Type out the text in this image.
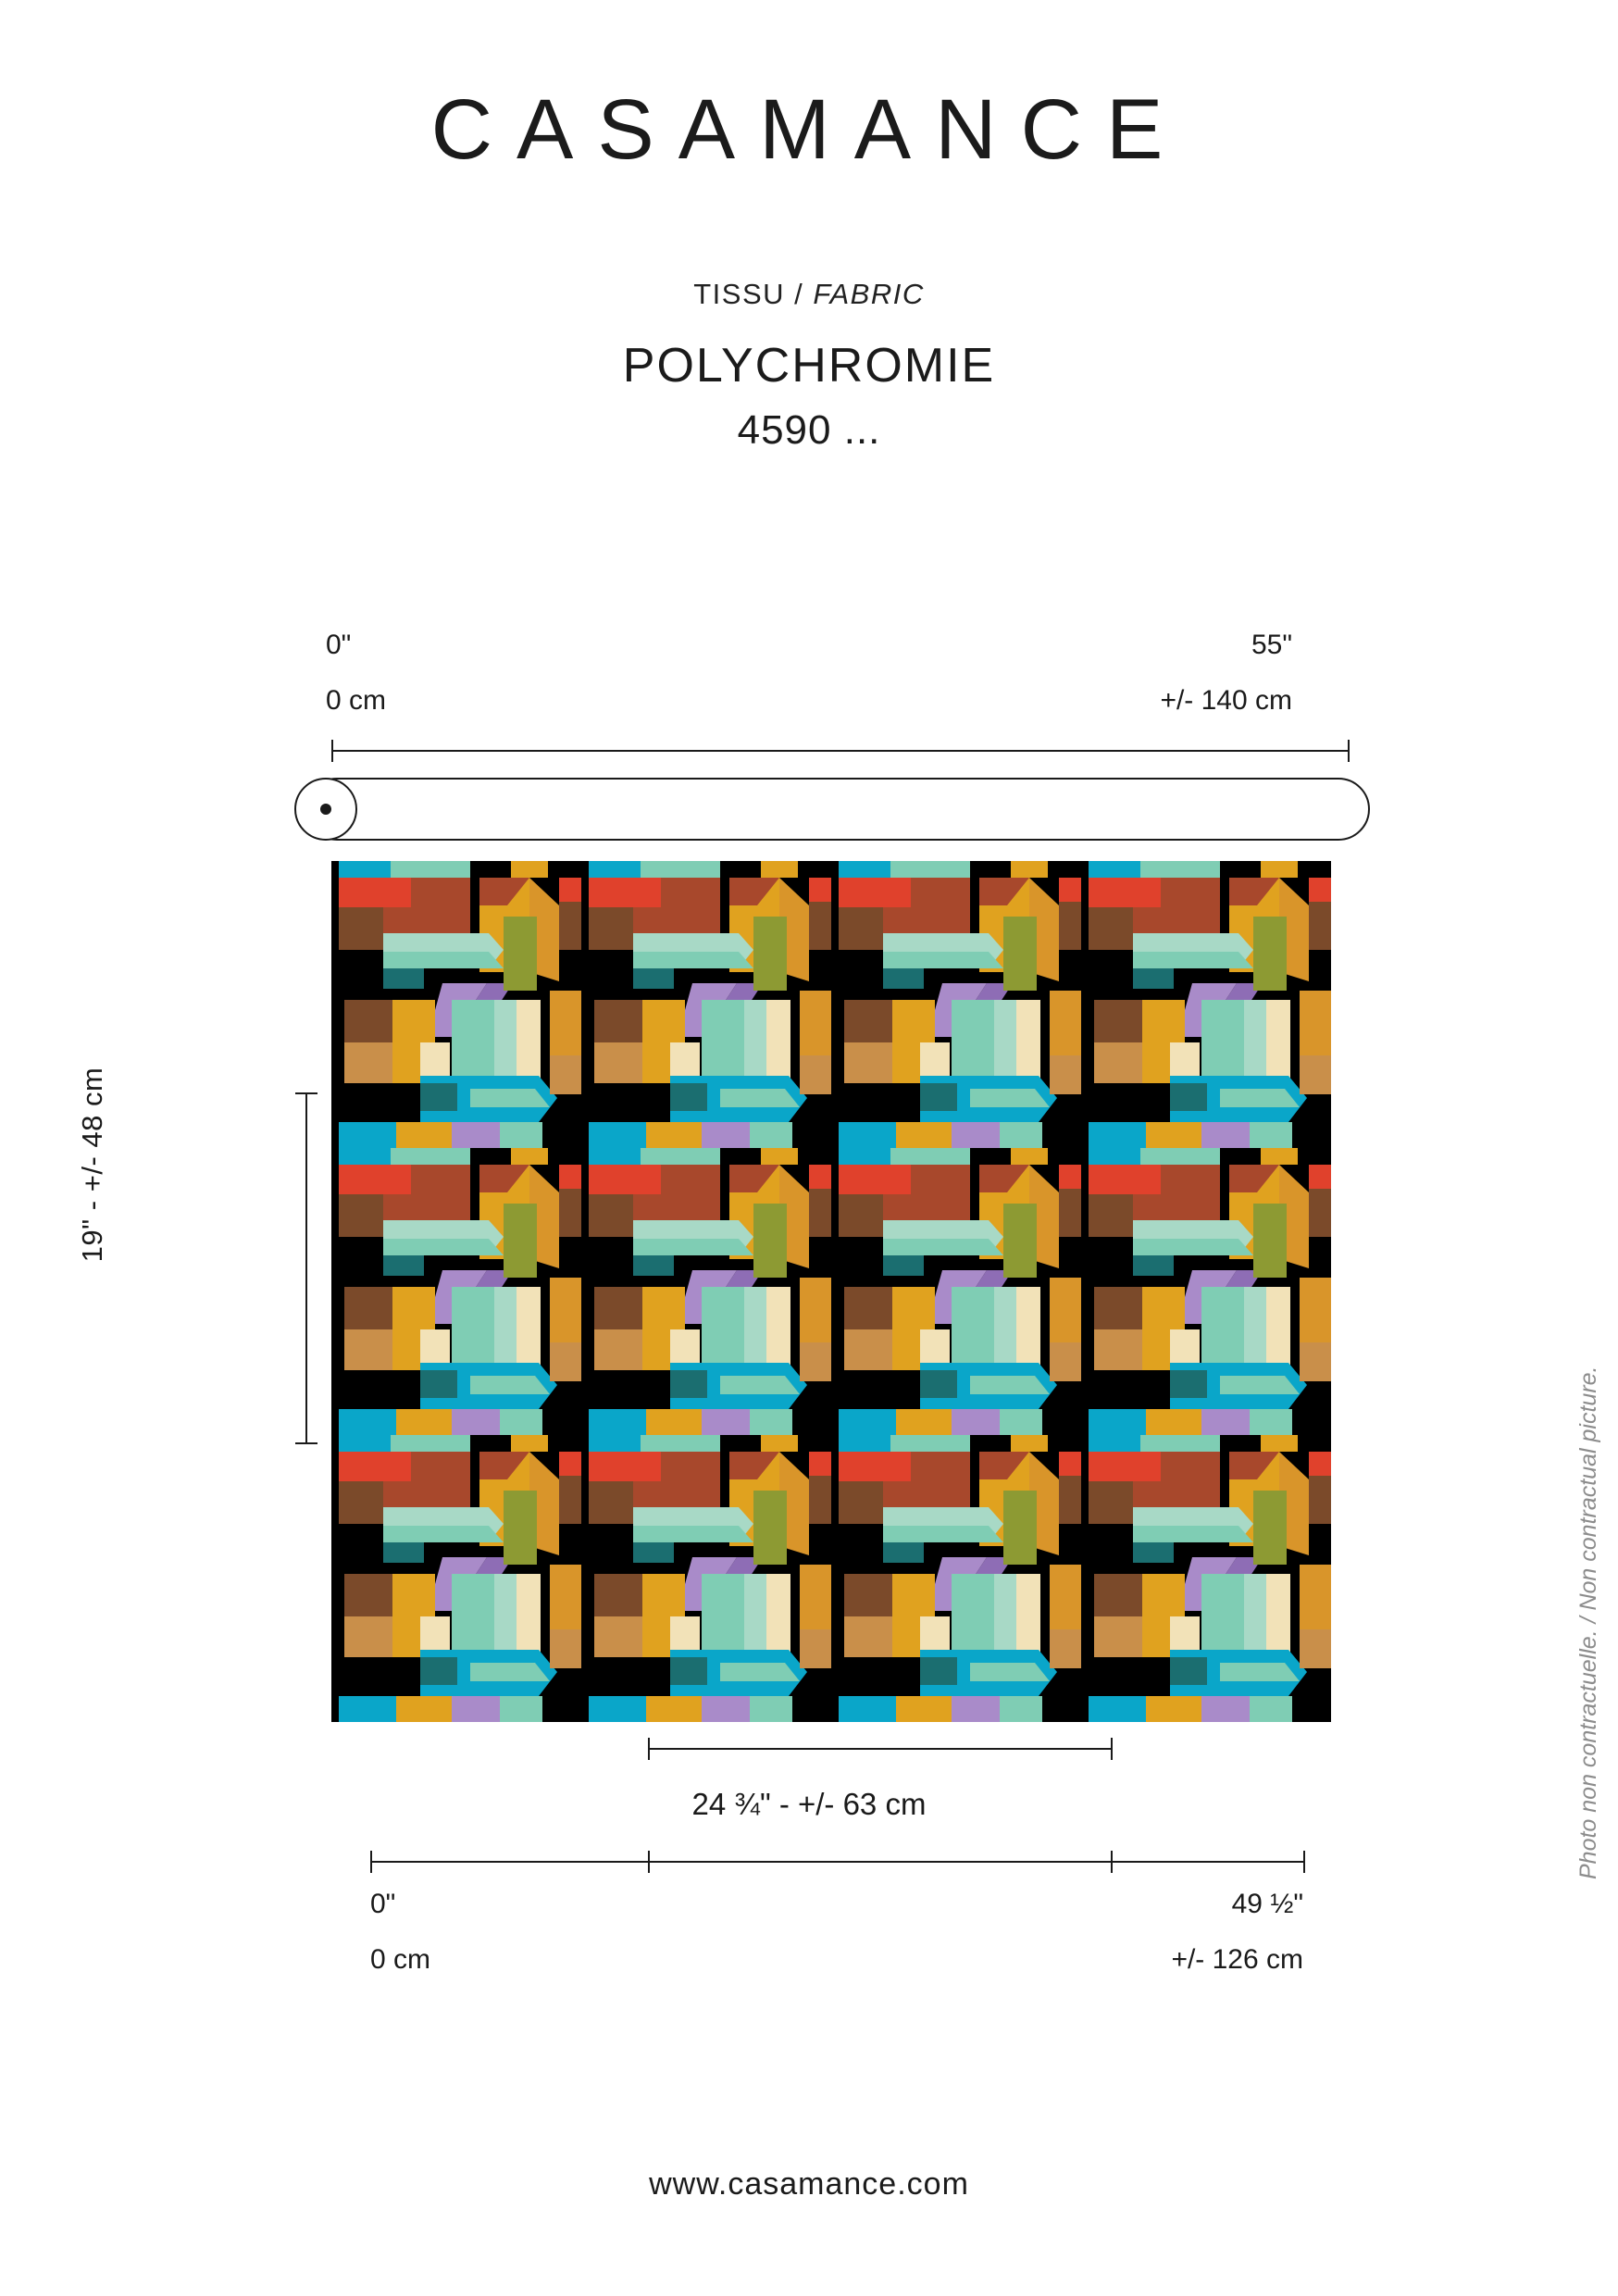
CASAMANCE
TISSU / FABRIC
POLYCHROMIE
4590 ...
0"
0 cm
55"
+/- 140 cm
19" - +/- 48 cm
24 ¾" - +/- 63 cm
0"
0 cm
49 ½"
+/- 126 cm
Photo non contractuelle. / Non contractual picture.
www.casamance.com
